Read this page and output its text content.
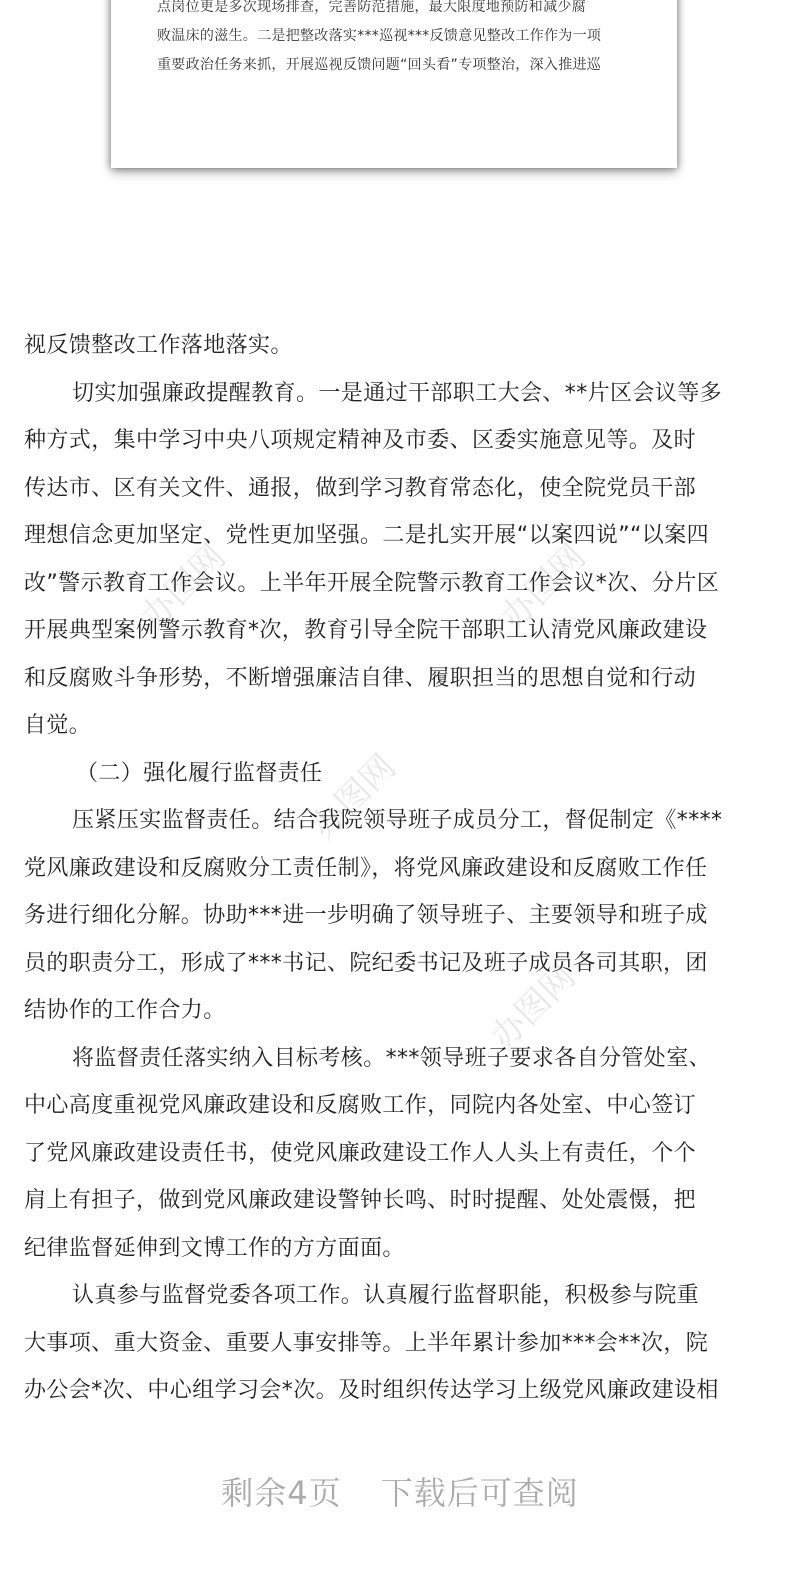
点岗位更是多次现场排查，完善防范措施，最大限度地预防和减少腐

败温床的滋生。二是把整改落实***巡视***反馈意见整改工作作为一项

重要政治任务来抓，开展巡视反馈问题“回头看”专项整治，深入推进巡

办图网	办图网
办图网
办图网

视反馈整改工作落地落实。

切实加强廉政提醒教育。一是通过干部职工大会、**片区会议等多

种方式，集中学习中央八项规定精神及市委、区委实施意见等。及时

传达市、区有关文件、通报，做到学习教育常态化，使全院党员干部

理想信念更加坚定、党性更加坚强。二是扎实开展“以案四说”“以案四

改”警示教育工作会议。上半年开展全院警示教育工作会议*次、分片区

开展典型案例警示教育*次，教育引导全院干部职工认清党风廉政建设

和反腐败斗争形势，不断增强廉洁自律、履职担当的思想自觉和行动

自觉。

（二）强化履行监督责任

压紧压实监督责任。结合我院领导班子成员分工，督促制定《****

党风廉政建设和反腐败分工责任制》，将党风廉政建设和反腐败工作任

务进行细化分解。协助***进一步明确了领导班子、主要领导和班子成

员的职责分工，形成了***书记、院纪委书记及班子成员各司其职，团

结协作的工作合力。

将监督责任落实纳入目标考核。***领导班子要求各自分管处室、

中心高度重视党风廉政建设和反腐败工作，同院内各处室、中心签订

了党风廉政建设责任书，使党风廉政建设工作人人头上有责任，个个

肩上有担子，做到党风廉政建设警钟长鸣、时时提醒、处处震慑，把

纪律监督延伸到文博工作的方方面面。

认真参与监督党委各项工作。认真履行监督职能，积极参与院重

大事项、重大资金、重要人事安排等。上半年累计参加***会**次，院

办公会*次、中心组学习会*次。及时组织传达学习上级党风廉政建设相

剩余4页 下载后可查阅
